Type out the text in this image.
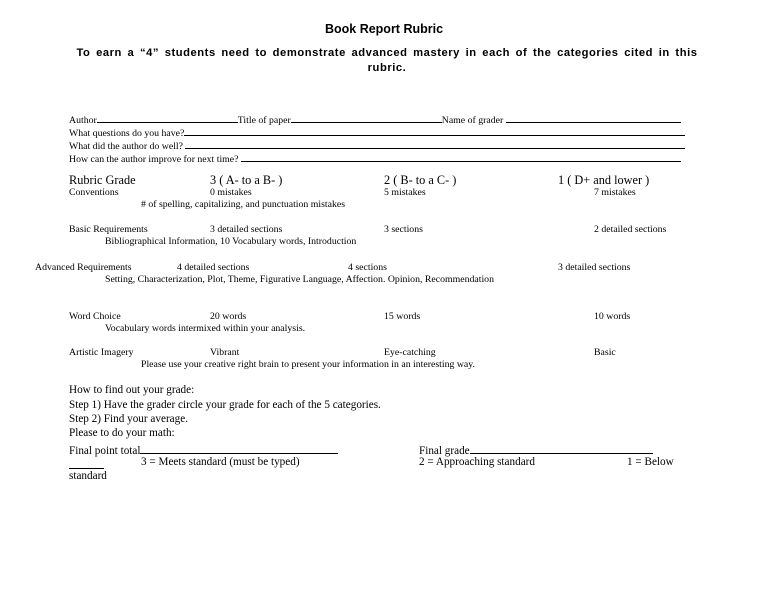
Book Report Rubric
To earn a “4” students need to demonstrate advanced mastery in each of the categories cited in this rubric.
Author	Title of paper	Name of grader
What questions do you have?
What did the author do well?
How can the author improve for next time?
Rubric Grade	3 ( A- to a B- )	2 ( B- to a C- )	1 ( D+ and lower )
Conventions	0 mistakes	5 mistakes	7 mistakes
# of spelling, capitalizing, and punctuation mistakes
Basic Requirements	3 detailed sections	3 sections	2 detailed sections
Bibliographical Information, 10 Vocabulary words, Introduction
Advanced Requirements	4 detailed sections	4 sections	3 detailed sections
Setting, Characterization, Plot, Theme, Figurative Language, Affection. Opinion, Recommendation
Word Choice	20 words	15 words	10 words
Vocabulary words intermixed within your analysis.
Artistic Imagery	Vibrant	Eye-catching	Basic
Please use your creative right brain to present your information in an interesting way.
How to find out your grade:
Step 1) Have the grader circle your grade for each of the 5 categories.
Step 2) Find your average.
Please to do your math:
Final point total	Final grade
3 = Meets standard (must be typed)	2 = Approaching standard	1 = Below
standard
